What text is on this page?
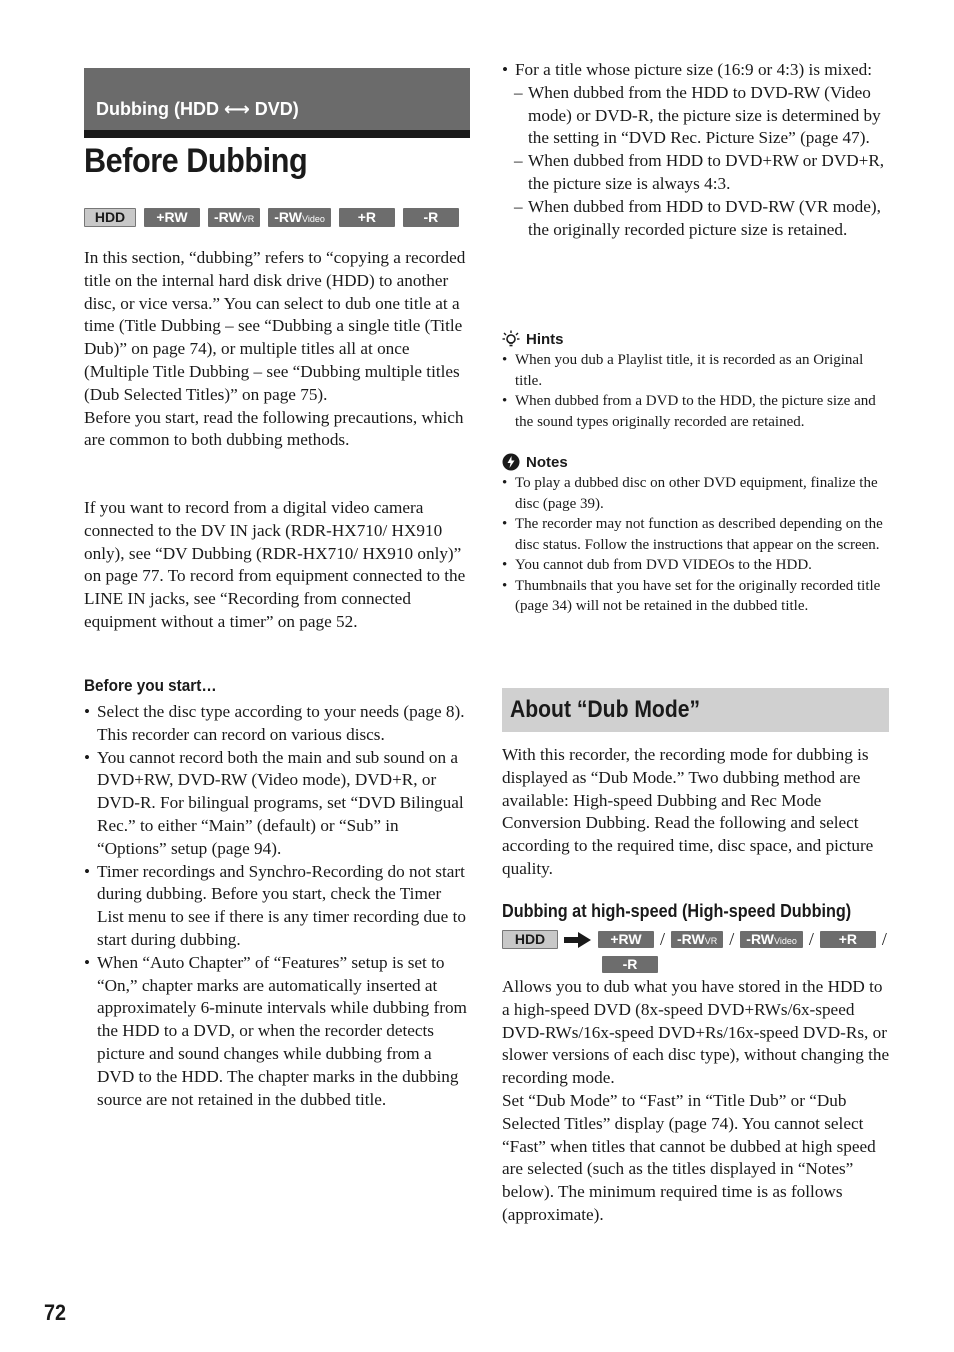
Dubbing (HDD ⟷ DVD)
Before Dubbing
HDD	+RW	-RWVR	-RWVideo	+R	-R

In this section, “dubbing” refers to “copying a recorded title on the internal hard disk drive (HDD) to another disc, or vice versa.” You can select to dub one title at a time (Title Dubbing – see “Dubbing a single title (Title Dub)” on page 74), or multiple titles all at once (Multiple Title Dubbing – see “Dubbing multiple titles (Dub Selected Titles)” on page 75).

Before you start, read the following precautions, which are common to both dubbing methods.

If you want to record from a digital video camera connected to the DV IN jack (RDR-HX710/ HX910 only), see “DV Dubbing (RDR-HX710/ HX910 only)” on page 77. To record from equipment connected to the LINE IN jacks, see “Recording from connected equipment without a timer” on page 52.

Before you start…
• Select the disc type according to your needs (page 8). This recorder can record on various discs.
• You cannot record both the main and sub sound on a DVD+RW, DVD-RW (Video mode), DVD+R, or DVD-R. For bilingual programs, set “DVD Bilingual Rec.” to either “Main” (default) or “Sub” in “Options” setup (page 94).
• Timer recordings and Synchro-Recording do not start during dubbing. Before you start, check the Timer List menu to see if there is any timer recording due to start during dubbing.
• When “Auto Chapter” of “Features” setup is set to “On,” chapter marks are automatically inserted at approximately 6-minute intervals while dubbing from the HDD to a DVD, or when the recorder detects picture and sound changes while dubbing from a DVD to the HDD. The chapter marks in the dubbing source are not retained in the dubbed title.
• For a title whose picture size (16:9 or 4:3) is mixed:
– When dubbed from the HDD to DVD-RW (Video mode) or DVD-R, the picture size is determined by the setting in “DVD Rec. Picture Size” (page 47).
– When dubbed from HDD to DVD+RW or DVD+R, the picture size is always 4:3.
– When dubbed from HDD to DVD-RW (VR mode), the originally recorded picture size is retained.
Hints
• When you dub a Playlist title, it is recorded as an Original title.
• When dubbed from a DVD to the HDD, the picture size and the sound types originally recorded are retained.
Notes
• To play a dubbed disc on other DVD equipment, finalize the disc (page 39).
• The recorder may not function as described depending on the disc status. Follow the instructions that appear on the screen.
• You cannot dub from DVD VIDEOs to the HDD.
• Thumbnails that you have set for the originally recorded title (page 34) will not be retained in the dubbed title.
About “Dub Mode”

With this recorder, the recording mode for dubbing is displayed as “Dub Mode.” Two dubbing method are available: High-speed Dubbing and Rec Mode Conversion Dubbing. Read the following and select according to the required time, disc space, and picture quality.

Dubbing at high-speed (High-speed Dubbing)
HDD	+RW	/ -RWVR / -RWVideo /	+R	/
-R

Allows you to dub what you have stored in the HDD to a high-speed DVD (8x-speed DVD+RWs/6x-speed DVD-RWs/16x-speed DVD+Rs/16x-speed DVD-Rs, or slower versions of each disc type), without changing the recording mode.

Set “Dub Mode” to “Fast” in “Title Dub” or “Dub Selected Titles” display (page 74). You cannot select “Fast” when titles that cannot be dubbed at high speed are selected (such as the titles displayed in “Notes” below). The minimum required time is as follows (approximate).

72
